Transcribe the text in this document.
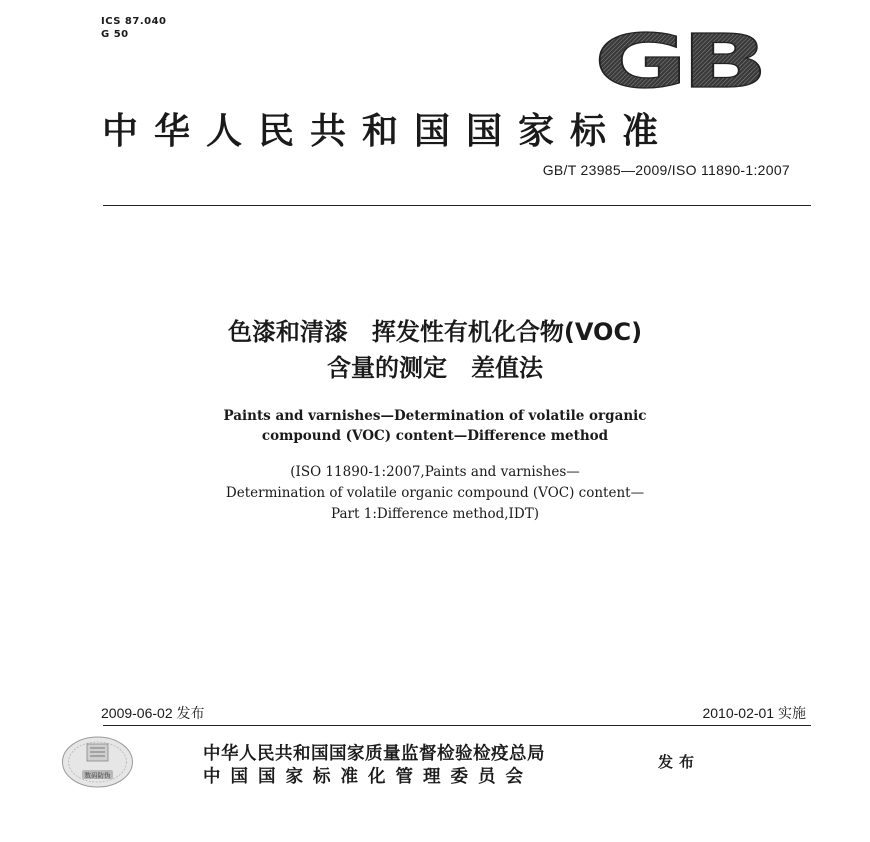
ICS 87.040
G 50	GB
中华人民共和国国家标准
GB/T 23985—2009/ISO 11890-1:2007
色漆和清漆　挥发性有机化合物(VOC)
含量的测定　差值法
Paints and varnishes—Determination of volatile organic
compound (VOC) content—Difference method
(ISO 11890-1:2007,Paints and varnishes—
Determination of volatile organic compound (VOC) content—
Part 1:Difference method,IDT)
2009-06-02 发布	2010-02-01 实施
数码防伪
中华人民共和国国家质量监督检验检疫总局
中国国家标准化管理委员会
发布
